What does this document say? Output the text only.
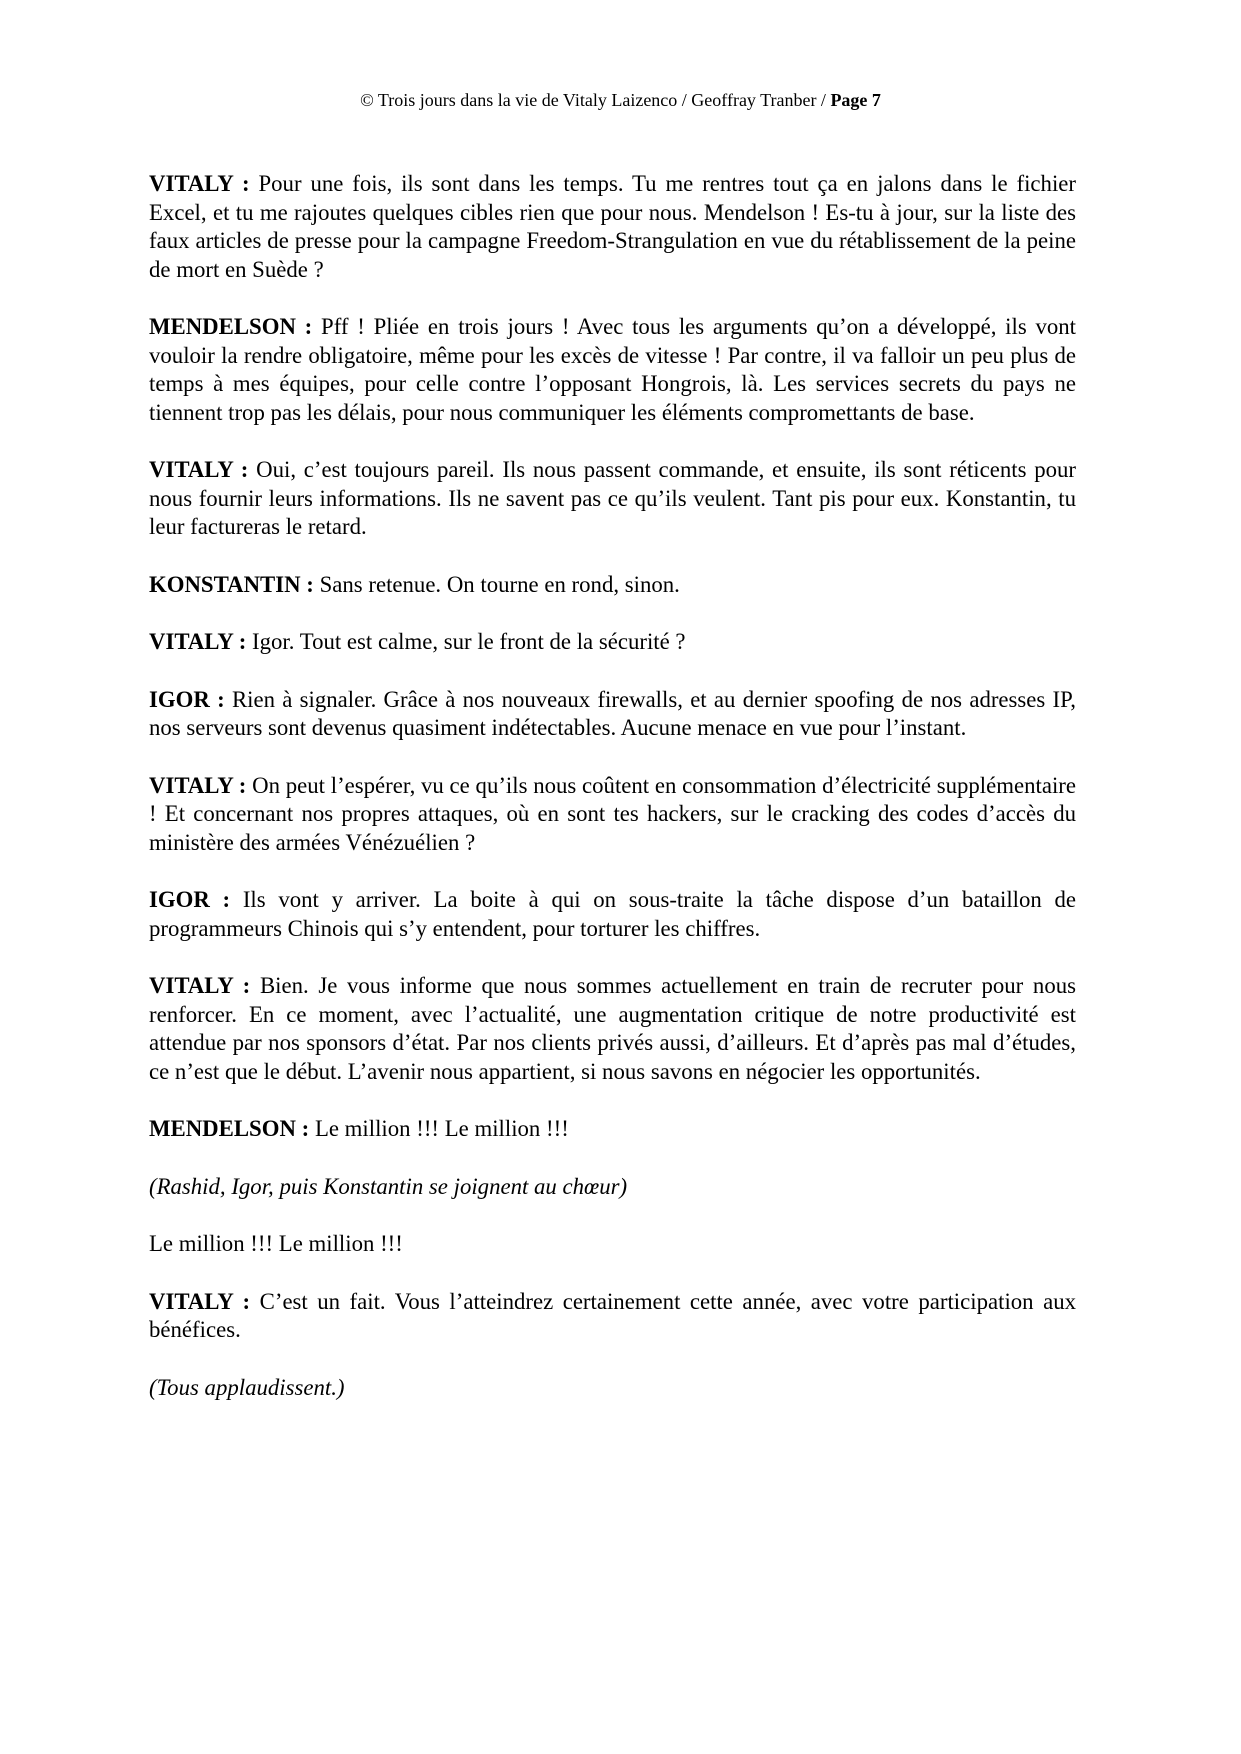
© Trois jours dans la vie de Vitaly Laizenco / Geoffray Tranber / Page 7

VITALY : Pour une fois, ils sont dans les temps. Tu me rentres tout ça en jalons dans le fichier Excel, et tu me rajoutes quelques cibles rien que pour nous. Mendelson ! Es-tu à jour, sur la liste des faux articles de presse pour la campagne Freedom-Strangulation en vue du rétablissement de la peine de mort en Suède ?

MENDELSON : Pff ! Pliée en trois jours ! Avec tous les arguments qu’on a développé, ils vont vouloir la rendre obligatoire, même pour les excès de vitesse ! Par contre, il va falloir un peu plus de temps à mes équipes, pour celle contre l’opposant Hongrois, là. Les services secrets du pays ne tiennent trop pas les délais, pour nous communiquer les éléments compromettants de base.

VITALY : Oui, c’est toujours pareil. Ils nous passent commande, et ensuite, ils sont réticents pour nous fournir leurs informations. Ils ne savent pas ce qu’ils veulent. Tant pis pour eux. Konstantin, tu leur factureras le retard.

KONSTANTIN : Sans retenue. On tourne en rond, sinon.

VITALY : Igor. Tout est calme, sur le front de la sécurité ?

IGOR : Rien à signaler. Grâce à nos nouveaux firewalls, et au dernier spoofing de nos adresses IP, nos serveurs sont devenus quasiment indétectables. Aucune menace en vue pour l’instant.

VITALY : On peut l’espérer, vu ce qu’ils nous coûtent en consommation d’électricité supplémentaire ! Et concernant nos propres attaques, où en sont tes hackers, sur le cracking des codes d’accès du ministère des armées Vénézuélien ?

IGOR : Ils vont y arriver. La boite à qui on sous-traite la tâche dispose d’un bataillon de programmeurs Chinois qui s’y entendent, pour torturer les chiffres.

VITALY : Bien. Je vous informe que nous sommes actuellement en train de recruter pour nous renforcer. En ce moment, avec l’actualité, une augmentation critique de notre productivité est attendue par nos sponsors d’état. Par nos clients privés aussi, d’ailleurs. Et d’après pas mal d’études, ce n’est que le début. L’avenir nous appartient, si nous savons en négocier les opportunités.

MENDELSON : Le million !!! Le million !!!

(Rashid, Igor, puis Konstantin se joignent au chœur)

Le million !!! Le million !!!

VITALY : C’est un fait. Vous l’atteindrez certainement cette année, avec votre participation aux bénéfices.

(Tous applaudissent.)
